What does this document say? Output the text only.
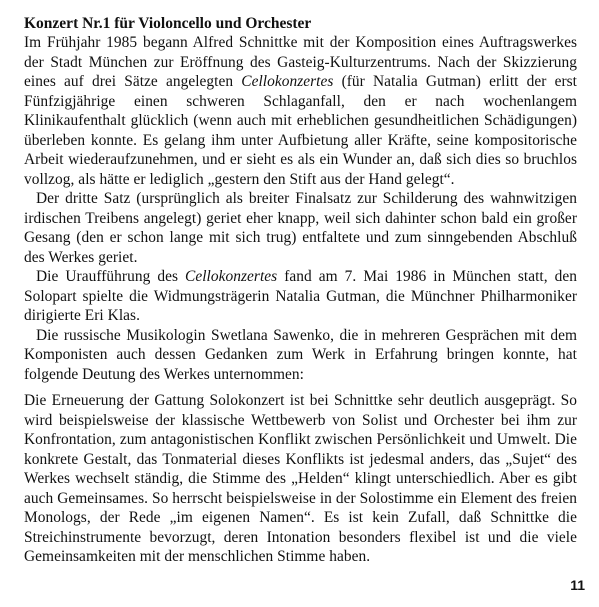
Konzert Nr.1 für Violoncello und Orchester

Im Frühjahr 1985 begann Alfred Schnittke mit der Komposition eines Auftragswerkes der Stadt München zur Eröffnung des Gasteig-Kulturzentrums. Nach der Skizzierung eines auf drei Sätze angelegten Cellokonzertes (für Natalia Gutman) erlitt der erst Fünfzigjährige einen schweren Schlaganfall, den er nach wochenlangem Klinikaufenthalt glücklich (wenn auch mit erheblichen gesundheitlichen Schädigungen) überleben konnte. Es gelang ihm unter Aufbietung aller Kräfte, seine kompositorische Arbeit wiederaufzunehmen, und er sieht es als ein Wunder an, daß sich dies so bruchlos vollzog, als hätte er lediglich „gestern den Stift aus der Hand gelegt“.

Der dritte Satz (ursprünglich als breiter Finalsatz zur Schilderung des wahnwitzigen irdischen Treibens angelegt) geriet eher knapp, weil sich dahinter schon bald ein großer Gesang (den er schon lange mit sich trug) entfaltete und zum sinngebenden Abschluß des Werkes geriet.

Die Uraufführung des Cellokonzertes fand am 7. Mai 1986 in München statt, den Solopart spielte die Widmungsträgerin Natalia Gutman, die Münchner Philharmoniker dirigierte Eri Klas.

Die russische Musikologin Swetlana Sawenko, die in mehreren Gesprächen mit dem Komponisten auch dessen Gedanken zum Werk in Erfahrung bringen konnte, hat folgende Deutung des Werkes unternommen:

Die Erneuerung der Gattung Solokonzert ist bei Schnittke sehr deutlich ausgeprägt. So wird beispielsweise der klassische Wettbewerb von Solist und Orchester bei ihm zur Konfrontation, zum antagonistischen Konflikt zwischen Persönlichkeit und Umwelt. Die konkrete Gestalt, das Tonmaterial dieses Konflikts ist jedesmal anders, das „Sujet“ des Werkes wechselt ständig, die Stimme des „Helden“ klingt unterschiedlich. Aber es gibt auch Gemeinsames. So herrscht beispielsweise in der Solostimme ein Element des freien Monologs, der Rede „im eigenen Namen“. Es ist kein Zufall, daß Schnittke die Streichinstrumente bevorzugt, deren Intonation besonders flexibel ist und die viele Gemeinsamkeiten mit der menschlichen Stimme haben.

11
